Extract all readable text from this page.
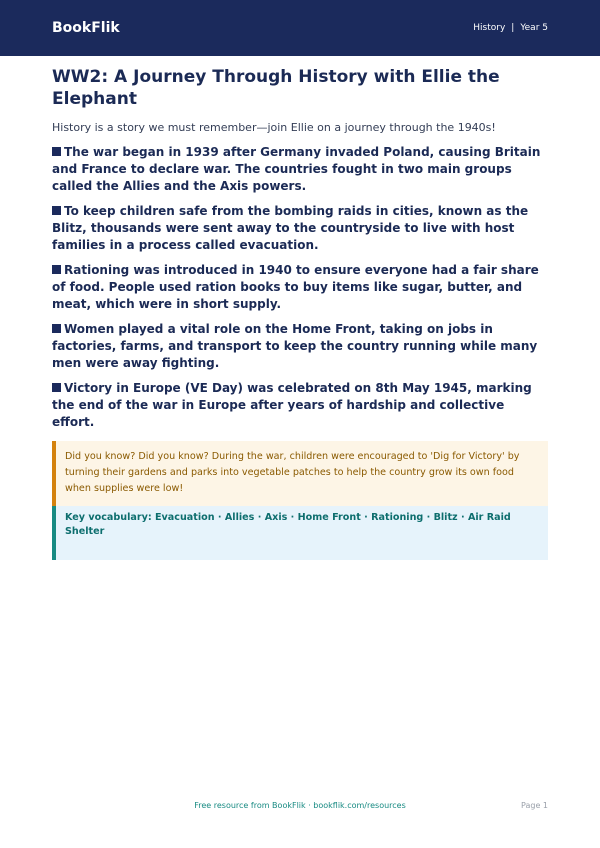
BookFlik	History | Year 5
WW2: A Journey Through History with Ellie the Elephant

History is a story we must remember—join Ellie on a journey through the 1940s!

The war began in 1939 after Germany invaded Poland, causing Britain and France to declare war. The countries fought in two main groups called the Allies and the Axis powers.

To keep children safe from the bombing raids in cities, known as the Blitz, thousands were sent away to the countryside to live with host families in a process called evacuation.

Rationing was introduced in 1940 to ensure everyone had a fair share of food. People used ration books to buy items like sugar, butter, and meat, which were in short supply.

Women played a vital role on the Home Front, taking on jobs in factories, farms, and transport to keep the country running while many men were away fighting.

Victory in Europe (VE Day) was celebrated on 8th May 1945, marking the end of the war in Europe after years of hardship and collective effort.

Did you know? Did you know? During the war, children were encouraged to 'Dig for Victory' by turning their gardens and parks into vegetable patches to help the country grow its own food when supplies were low!
Key vocabulary: Evacuation · Allies · Axis · Home Front · Rationing · Blitz · Air Raid Shelter
Free resource from BookFlik · bookflik.com/resources	Page 1
